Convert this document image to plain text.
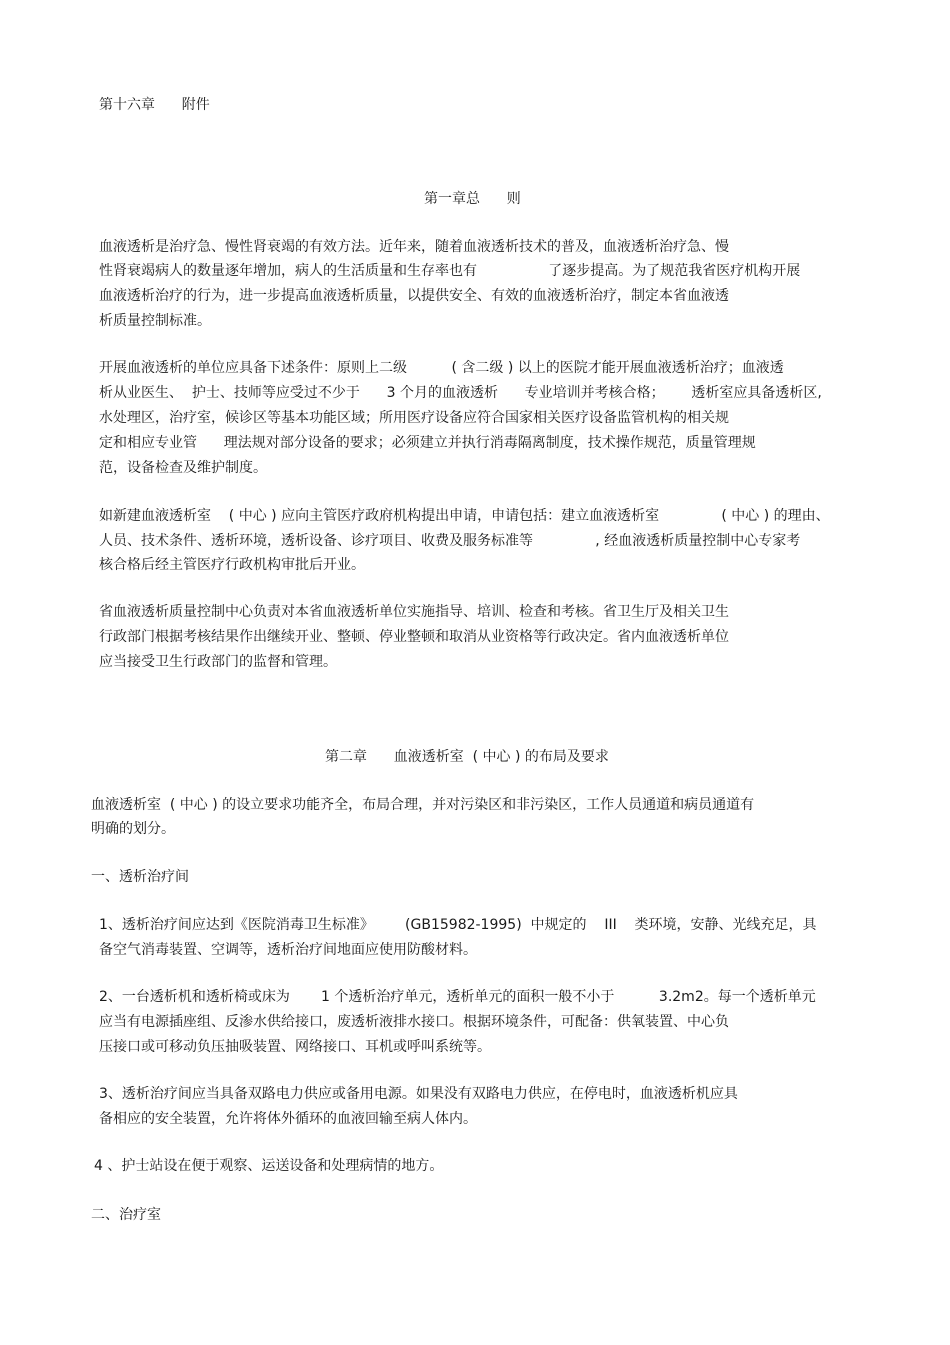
第十六章      附件
第一章总      则
血液透析是治疗急、慢性肾衰竭的有效方法。近年来，随着血液透析技术的普及，血液透析治疗急、慢
性肾衰竭病人的数量逐年增加，病人的生活质量和生存率也有                了逐步提高。为了规范我省医疗机构开展
血液透析治疗的行为，进一步提高血液透析质量，以提供安全、有效的血液透析治疗，制定本省血液透
析质量控制标准。
开展血液透析的单位应具备下述条件：原则上二级          ( 含二级 ) 以上的医院才能开展血液透析治疗；血液透
析从业医生、  护士、技师等应受过不少于      3 个月的血液透析      专业培训并考核合格；      透析室应具备透析区,
水处理区，治疗室，候诊区等基本功能区域；所用医疗设备应符合国家相关医疗设备监管机构的相关规
定和相应专业管      理法规对部分设备的要求；必须建立并执行消毒隔离制度，技术操作规范，质量管理规
范，设备检查及维护制度。
如新建血液透析室    ( 中心 ) 应向主管医疗政府机构提出申请，申请包括：建立血液透析室              ( 中心 ) 的理由、
人员、技术条件、透析环境，透析设备、诊疗项目、收费及服务标准等              , 经血液透析质量控制中心专家考
核合格后经主管医疗行政机构审批后开业。
省血液透析质量控制中心负责对本省血液透析单位实施指导、培训、检查和考核。省卫生厅及相关卫生
行政部门根据考核结果作出继续开业、整顿、停业整顿和取消从业资格等行政决定。省内血液透析单位
应当接受卫生行政部门的监督和管理。
第二章      血液透析室  ( 中心 ) 的布局及要求
血液透析室  ( 中心 ) 的设立要求功能齐全，布局合理，并对污染区和非污染区，工作人员通道和病员通道有
明确的划分。
一、透析治疗间
1、透析治疗间应达到《医院消毒卫生标准》       (GB15982-1995)  中规定的    III    类环境，安静、光线充足，具
备空气消毒装置、空调等，透析治疗间地面应使用防酸材料。
2、一台透析机和透析椅或床为       1 个透析治疗单元，透析单元的面积一般不小于          3.2m2。每一个透析单元
应当有电源插座组、反渗水供给接口，废透析液排水接口。根据环境条件，可配备：供氧装置、中心负
压接口或可移动负压抽吸装置、网络接口、耳机或呼叫系统等。
3、透析治疗间应当具备双路电力供应或备用电源。如果没有双路电力供应，在停电时，血液透析机应具
备相应的安全装置，允许将体外循环的血液回输至病人体内。
4 、护士站设在便于观察、运送设备和处理病情的地方。
二、治疗室
